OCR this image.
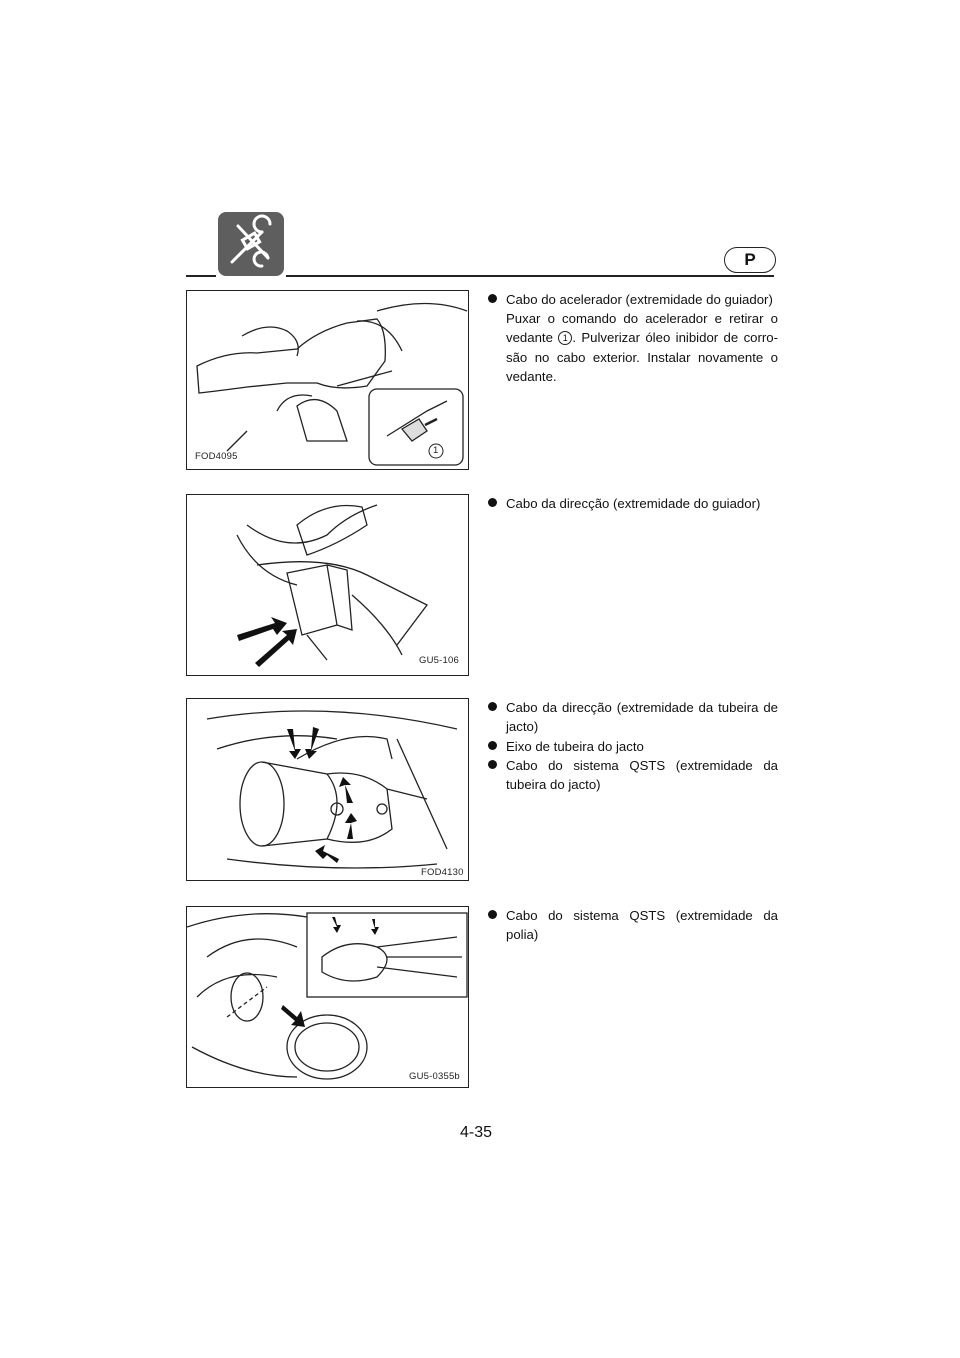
P
FOD4095
1
Cabo do acelerador (extremidade do guiador)
Puxar o comando do acelerador e retirar o vedante 1 . Pulverizar óleo inibidor de corro-são no cabo exterior. Instalar novamente o vedante.
GU5-106
Cabo da direcção (extremidade do guiador)
FOD4130
Cabo da direcção (extremidade da tubeira de jacto)
Eixo de tubeira do jacto
Cabo do sistema QSTS (extremidade da tubeira do jacto)
GU5-0355b
Cabo do sistema QSTS (extremidade da polia)
4-35
